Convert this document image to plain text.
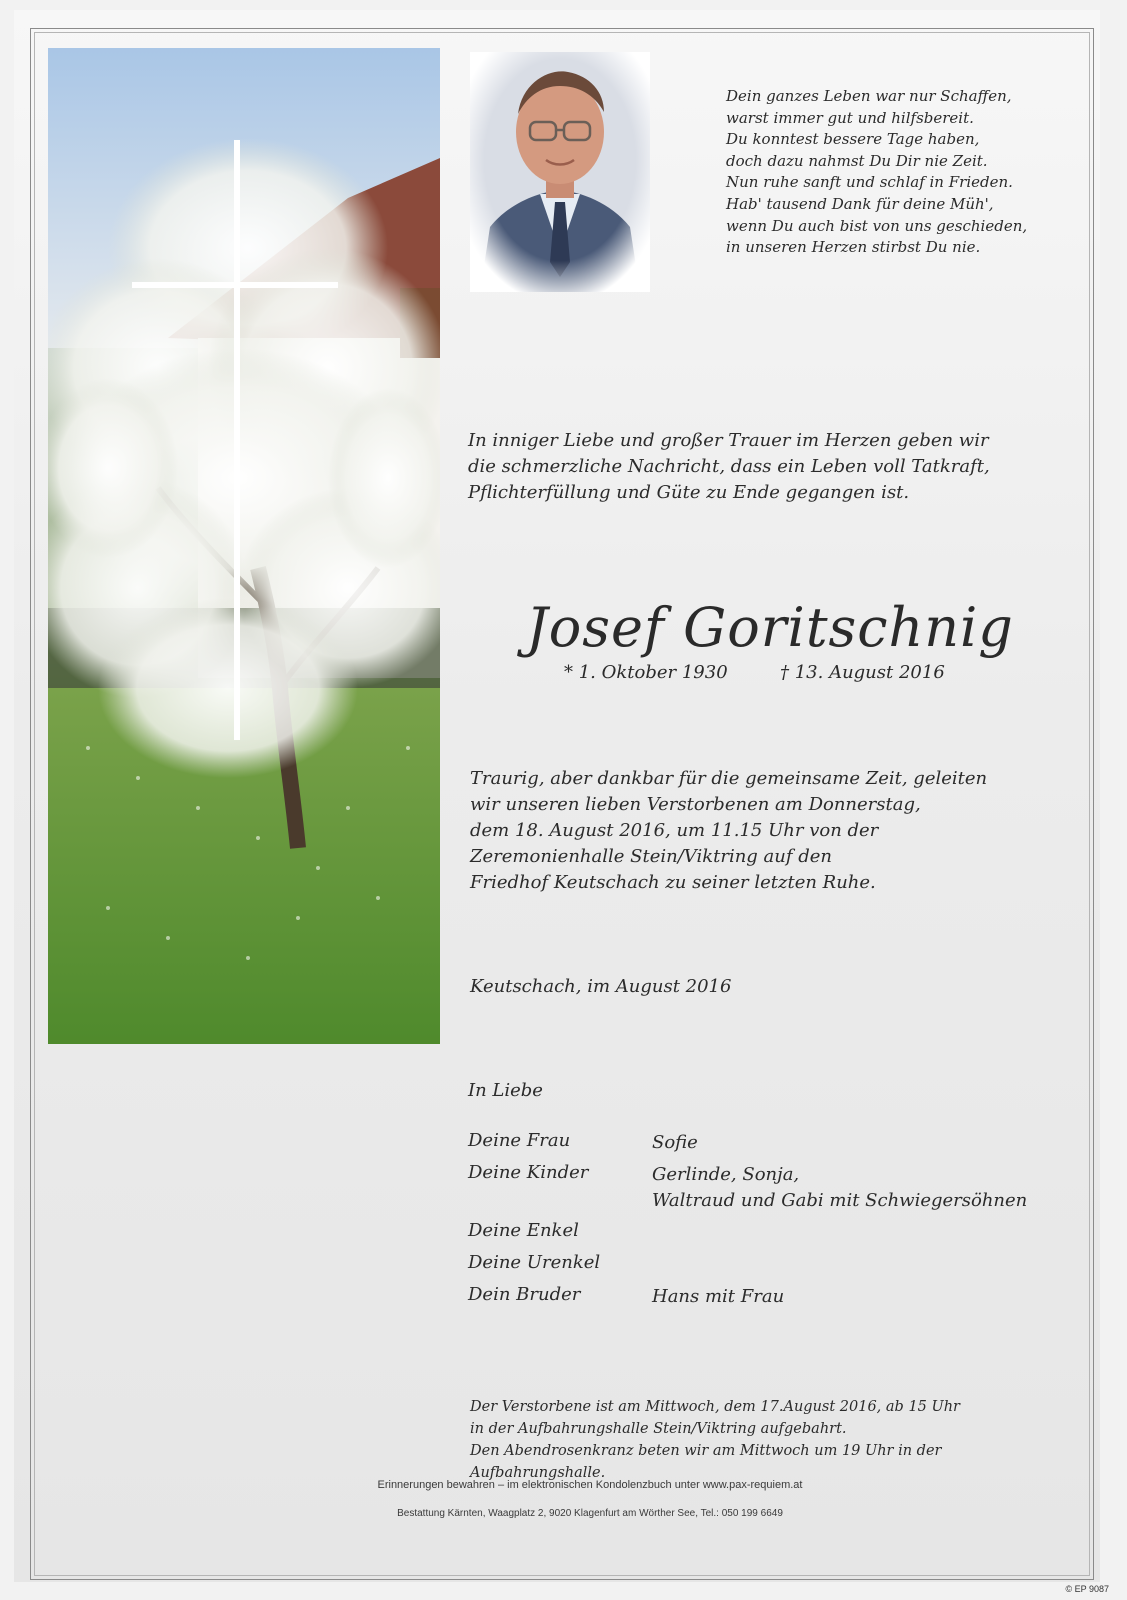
Dein ganzes Leben war nur Schaffen,
warst immer gut und hilfsbereit.
Du konntest bessere Tage haben,
doch dazu nahmst Du Dir nie Zeit.
Nun ruhe sanft und schlaf in Frieden.
Hab' tausend Dank für deine Müh',
wenn Du auch bist von uns geschieden,
in unseren Herzen stirbst Du nie.
In inniger Liebe und großer Trauer im Herzen geben wir
die schmerzliche Nachricht, dass ein Leben voll Tatkraft,
Pflichterfüllung und Güte zu Ende gegangen ist.
Josef Goritschnig
* 1. Oktober 1930	† 13. August 2016
Traurig, aber dankbar für die gemeinsame Zeit, geleiten
wir unseren lieben Verstorbenen am Donnerstag,
dem 18. August 2016, um 11.15 Uhr von der
Zeremonienhalle Stein/Viktring auf den
Friedhof Keutschach zu seiner letzten Ruhe.
Keutschach, im August 2016
In Liebe
Deine Frau	Sofie
Deine Kinder	Gerlinde, Sonja,
Waltraud und Gabi mit Schwiegersöhnen
Deine Enkel
Deine Urenkel
Dein Bruder	Hans mit Frau
Der Verstorbene ist am Mittwoch, dem 17.August 2016, ab 15 Uhr
in der Aufbahrungshalle Stein/Viktring aufgebahrt.
Den Abendrosenkranz beten wir am Mittwoch um 19 Uhr in der
Aufbahrungshalle.
Erinnerungen bewahren – im elektronischen Kondolenzbuch unter www.pax-requiem.at
Bestattung Kärnten, Waagplatz 2, 9020 Klagenfurt am Wörther See, Tel.: 050 199 6649
© EP 9087
